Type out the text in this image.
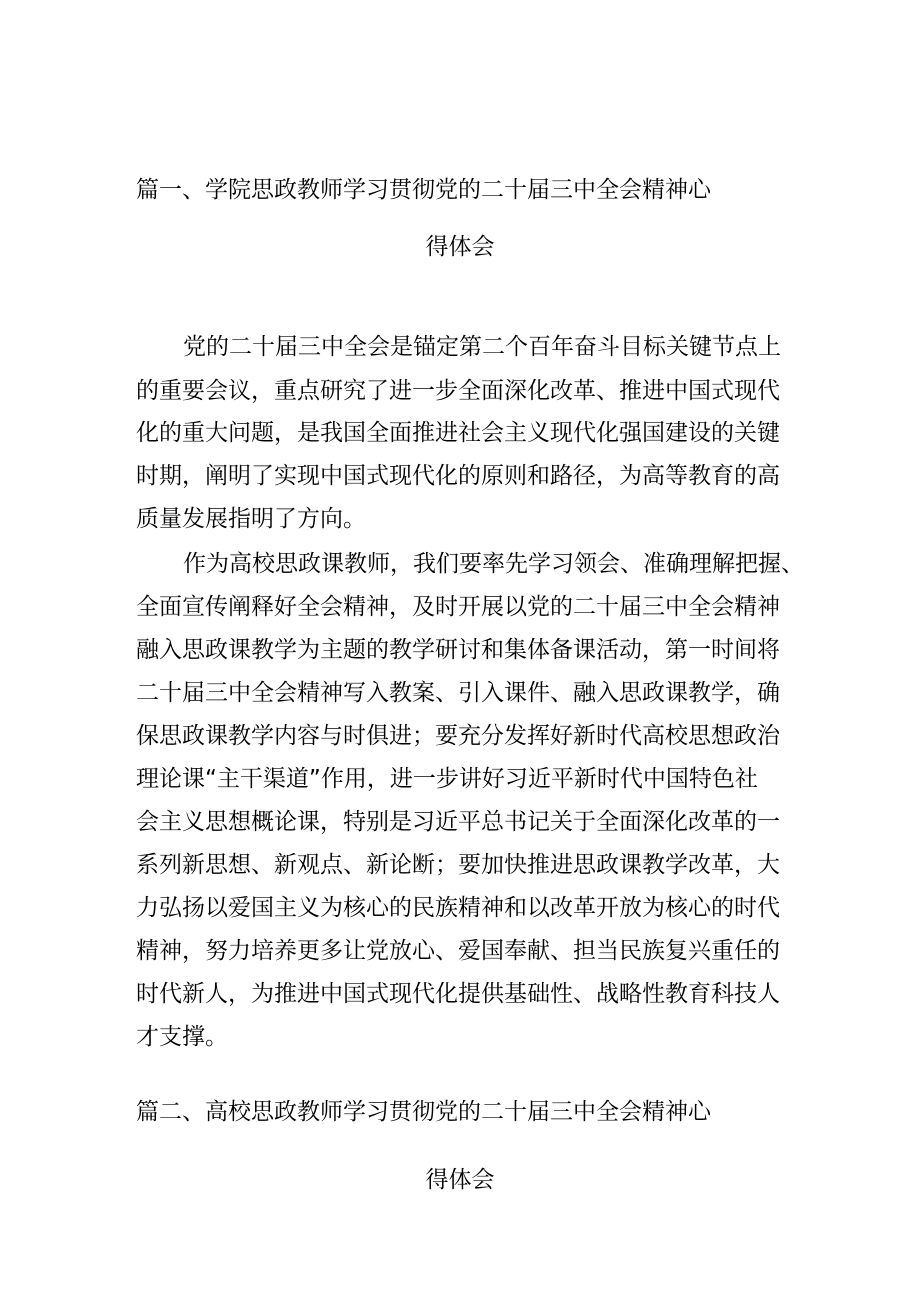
篇一、学院思政教师学习贯彻党的二十届三中全会精神心
得体会
党的二十届三中全会是锚定第二个百年奋斗目标关键节点上
的重要会议，重点研究了进一步全面深化改革、推进中国式现代
化的重大问题，是我国全面推进社会主义现代化强国建设的关键
时期，阐明了实现中国式现代化的原则和路径，为高等教育的高
质量发展指明了方向。
作为高校思政课教师，我们要率先学习领会、准确理解把握、
全面宣传阐释好全会精神，及时开展以党的二十届三中全会精神
融入思政课教学为主题的教学研讨和集体备课活动，第一时间将
二十届三中全会精神写入教案、引入课件、融入思政课教学，确
保思政课教学内容与时俱进；要充分发挥好新时代高校思想政治
理论课“主干渠道”作用，进一步讲好习近平新时代中国特色社
会主义思想概论课，特别是习近平总书记关于全面深化改革的一
系列新思想、新观点、新论断；要加快推进思政课教学改革，大
力弘扬以爱国主义为核心的民族精神和以改革开放为核心的时代
精神，努力培养更多让党放心、爱国奉献、担当民族复兴重任的
时代新人，为推进中国式现代化提供基础性、战略性教育科技人
才支撑。
篇二、高校思政教师学习贯彻党的二十届三中全会精神心
得体会
